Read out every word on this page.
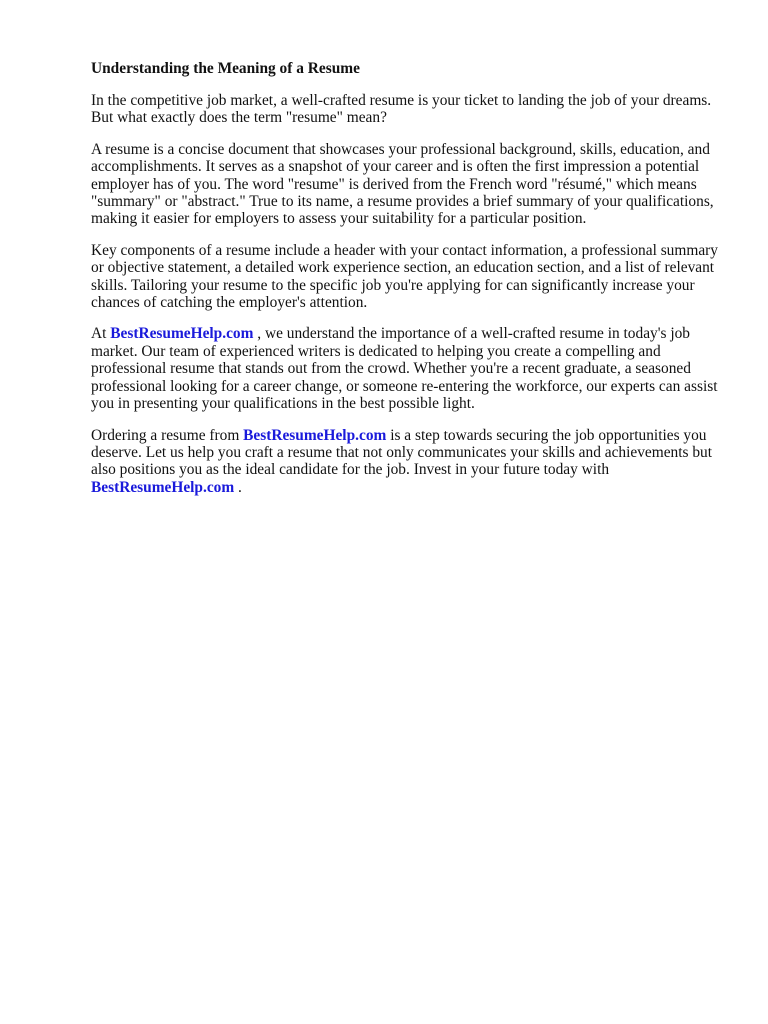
Understanding the Meaning of a Resume

In the competitive job market, a well-crafted resume is your ticket to landing the job of your dreams. But what exactly does the term "resume" mean?

A resume is a concise document that showcases your professional background, skills, education, and accomplishments. It serves as a snapshot of your career and is often the first impression a potential employer has of you. The word "resume" is derived from the French word "résumé," which means "summary" or "abstract." True to its name, a resume provides a brief summary of your qualifications, making it easier for employers to assess your suitability for a particular position.

Key components of a resume include a header with your contact information, a professional summary or objective statement, a detailed work experience section, an education section, and a list of relevant skills. Tailoring your resume to the specific job you're applying for can significantly increase your chances of catching the employer's attention.

At BestResumeHelp.com , we understand the importance of a well-crafted resume in today's job market. Our team of experienced writers is dedicated to helping you create a compelling and professional resume that stands out from the crowd. Whether you're a recent graduate, a seasoned professional looking for a career change, or someone re-entering the workforce, our experts can assist you in presenting your qualifications in the best possible light.

Ordering a resume from BestResumeHelp.com is a step towards securing the job opportunities you deserve. Let us help you craft a resume that not only communicates your skills and achievements but also positions you as the ideal candidate for the job. Invest in your future today with BestResumeHelp.com .
